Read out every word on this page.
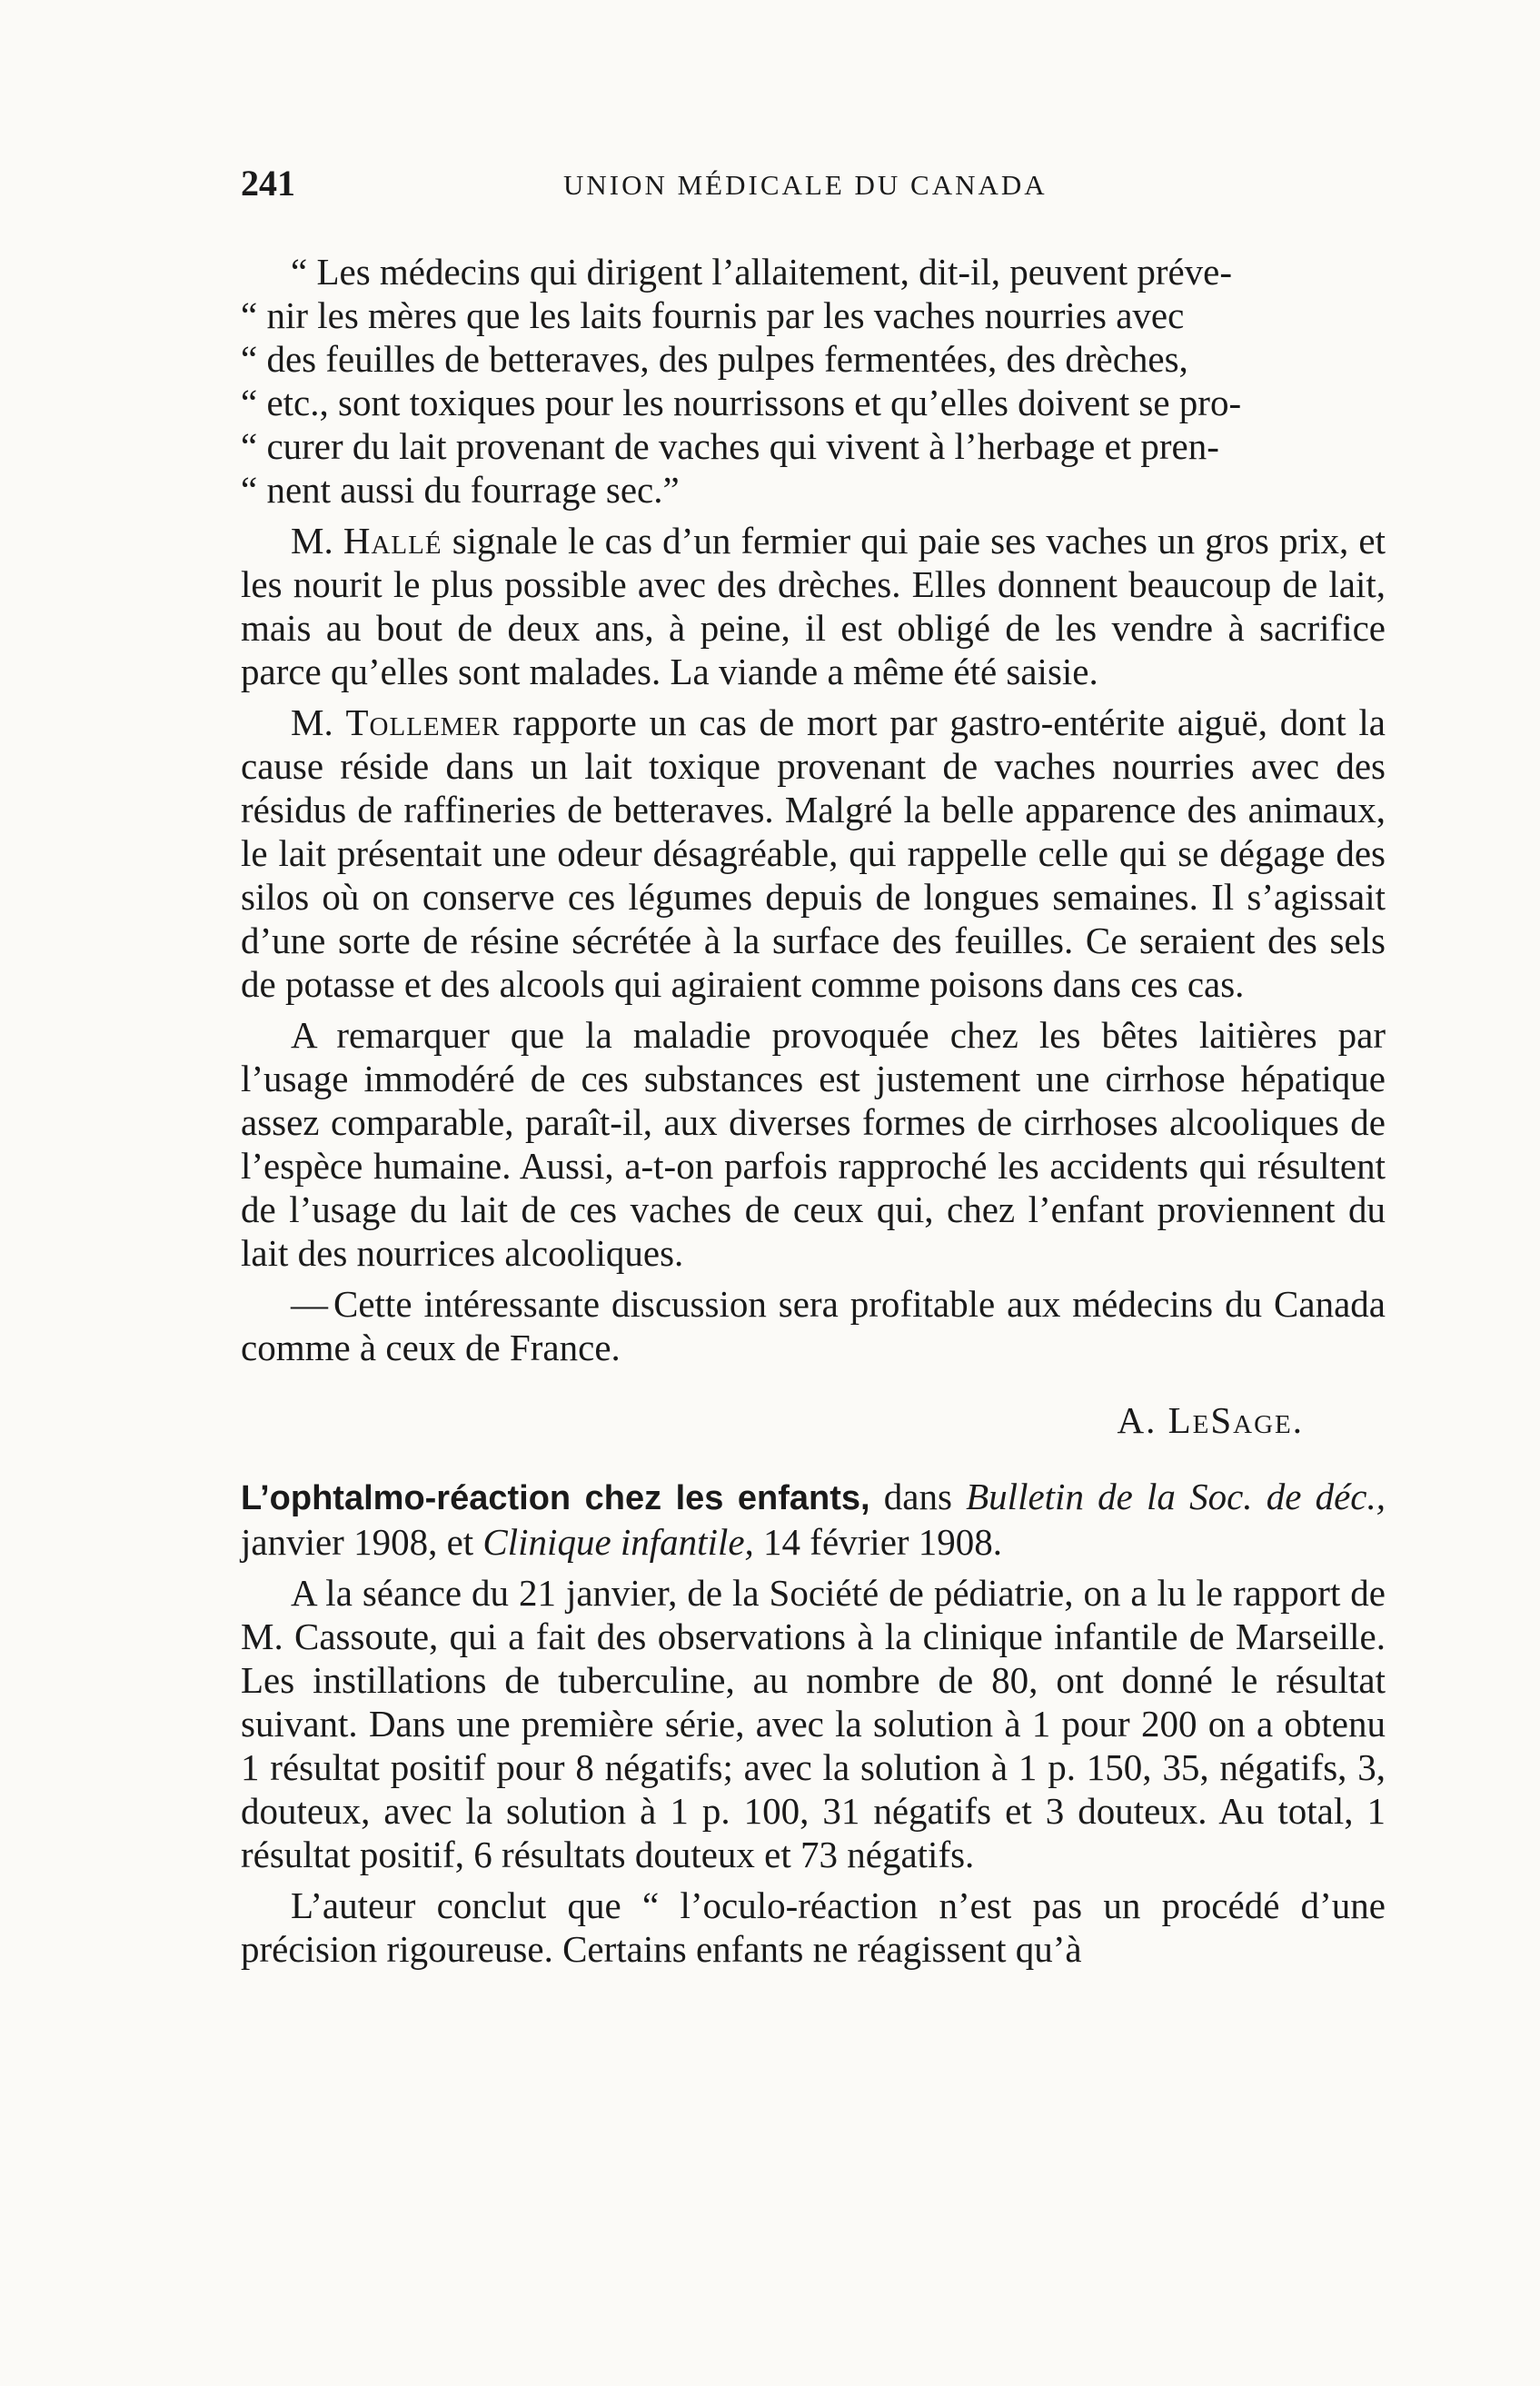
241	UNION MÉDICALE DU CANADA

“ Les médecins qui dirigent l’allaitement, dit-il, peuvent préve-

“ nir les mères que les laits fournis par les vaches nourries avec

“ des feuilles de betteraves, des pulpes fermentées, des drèches,

“ etc., sont toxiques pour les nourrissons et qu’elles doivent se pro-

“ curer du lait provenant de vaches qui vivent à l’herbage et pren-

“ nent aussi du fourrage sec.”

M. Hallé signale le cas d’un fermier qui paie ses vaches un gros prix, et les nourit le plus possible avec des drèches. Elles donnent beaucoup de lait, mais au bout de deux ans, à peine, il est obligé de les vendre à sacrifice parce qu’elles sont malades. La viande a même été saisie.

M. Tollemer rapporte un cas de mort par gastro-entérite aiguë, dont la cause réside dans un lait toxique provenant de vaches nourries avec des résidus de raffineries de betteraves. Malgré la belle apparence des animaux, le lait présentait une odeur désagréable, qui rappelle celle qui se dégage des silos où on conserve ces légumes depuis de longues semaines. Il s’agissait d’une sorte de résine sécrétée à la surface des feuilles. Ce seraient des sels de potasse et des alcools qui agiraient comme poisons dans ces cas.

A remarquer que la maladie provoquée chez les bêtes laitières par l’usage immodéré de ces substances est justement une cirrhose hépatique assez comparable, paraît-il, aux diverses formes de cirrhoses alcooliques de l’espèce humaine. Aussi, a-t-on parfois rapproché les accidents qui résultent de l’usage du lait de ces vaches de ceux qui, chez l’enfant proviennent du lait des nourrices alcooliques.

— Cette intéressante discussion sera profitable aux médecins du Canada comme à ceux de France.

A. LeSage.

L’ophtalmo-réaction chez les enfants, dans Bulletin de la Soc. de déc., janvier 1908, et Clinique infantile, 14 février 1908.

A la séance du 21 janvier, de la Société de pédiatrie, on a lu le rapport de M. Cassoute, qui a fait des observations à la clinique infantile de Marseille. Les instillations de tuberculine, au nombre de 80, ont donné le résultat suivant. Dans une première série, avec la solution à 1 pour 200 on a obtenu 1 résultat positif pour 8 négatifs; avec la solution à 1 p. 150, 35, négatifs, 3, douteux, avec la solution à 1 p. 100, 31 négatifs et 3 douteux. Au total, 1 résultat positif, 6 résultats douteux et 73 négatifs.

L’auteur conclut que “ l’oculo-réaction n’est pas un procédé d’une précision rigoureuse. Certains enfants ne réagissent qu’à
